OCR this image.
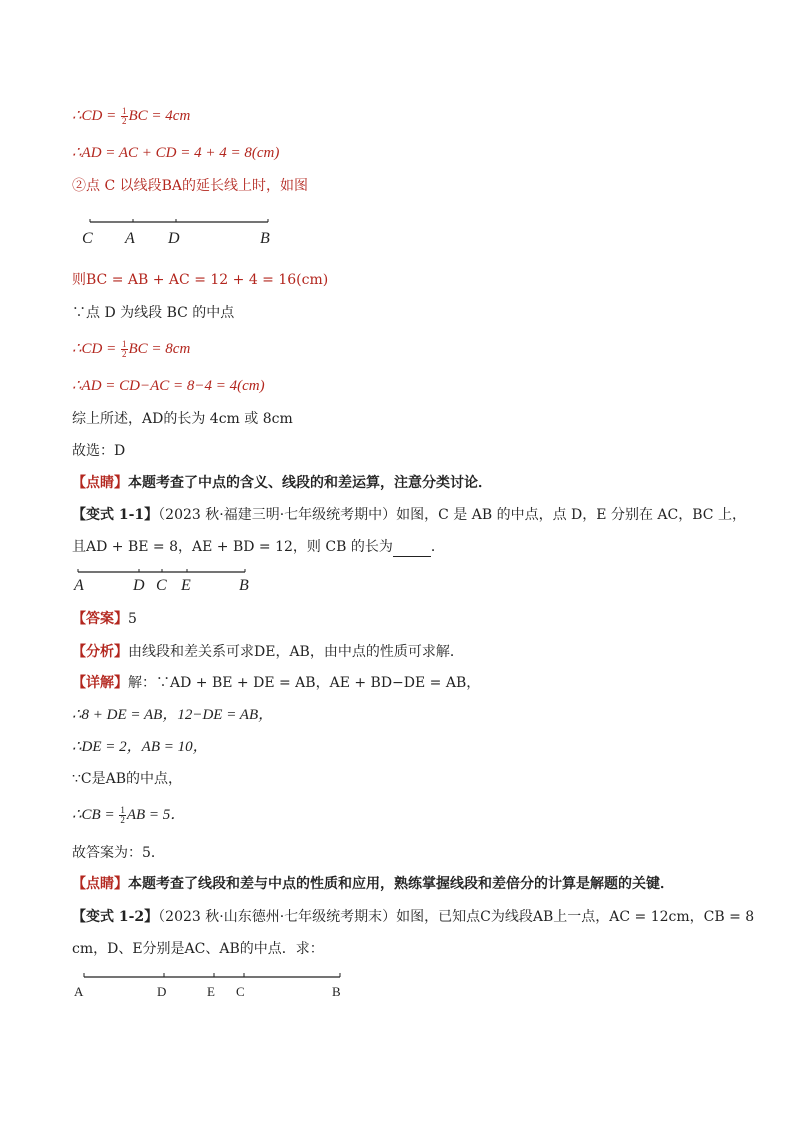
∴CD = $\frac{1}{2}$ BC = 4cm
∴AD = AC + CD = 4 + 4 = 8(cm)
②点 C 以线段BA的延长线上时，如图
C A D	B
则BC = AB + AC = 12 + 4 = 16(cm)
∵点 D 为线段 BC 的中点
∴CD = $\frac{1}{2}$ BC = 8cm
∴AD = CD−AC = 8−4 = 4(cm)
综上所述，AD的长为 4cm 或 8cm
故选：D
【点睛】本题考查了中点的含义、线段的和差运算，注意分类讨论．
【变式 1-1】（2023 秋·福建三明·七年级统考期中）如图，C 是 AB 的中点，点 D，E 分别在 AC，BC 上，
且AD + BE = 8，AE + BD = 12，则 CB 的长为	．
A	D C E	B
【答案】5
【分析】由线段和差关系可求DE，AB，由中点的性质可求解．
【详解】解：∵AD + BE + DE = AB，AE + BD−DE = AB，
∴8 + DE = AB，12−DE = AB，
∴DE = 2，AB = 10，
∵C是AB的中点，
∴CB = $\frac{1}{2}$ AB = 5．
故答案为：5．
【点睛】本题考查了线段和差与中点的性质和应用，熟练掌握线段和差倍分的计算是解题的关键．
【变式 1-2】（2023 秋·山东德州·七年级统考期末）如图，已知点C为线段AB上一点，AC = 12cm，CB = 8
cm，D、E分别是AC、AB的中点．求：
A	D	E C	B
